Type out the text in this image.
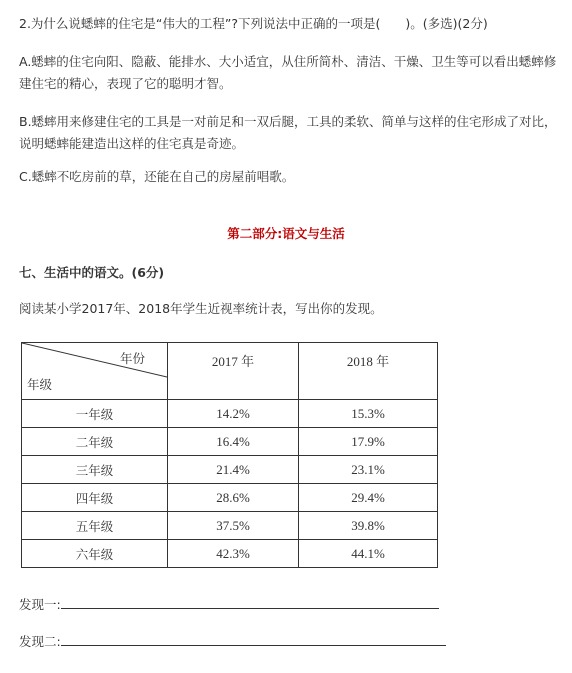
2.为什么说蟋蟀的住宅是“伟大的工程”?下列说法中正确的一项是(　　)。(多选)(2分)
A.蟋蟀的住宅向阳、隐蔽、能排水、大小适宜，从住所简朴、清洁、干燥、卫生等可以看出蟋蟀修建住宅的精心，表现了它的聪明才智。
B.蟋蟀用来修建住宅的工具是一对前足和一双后腿，工具的柔软、简单与这样的住宅形成了对比，说明蟋蟀能建造出这样的住宅真是奇迹。
C.蟋蟀不吃房前的草，还能在自己的房屋前唱歌。
第二部分:语文与生活
七、生活中的语文。(6分)
阅读某小学2017年、2018年学生近视率统计表，写出你的发现。
年份
年级	2017 年	2018 年
一年级	14.2%	15.3%
二年级	16.4%	17.9%
三年级	21.4%	23.1%
四年级	28.6%	29.4%
五年级	37.5%	39.8%
六年级	42.3%	44.1%
发现一:
发现二:
